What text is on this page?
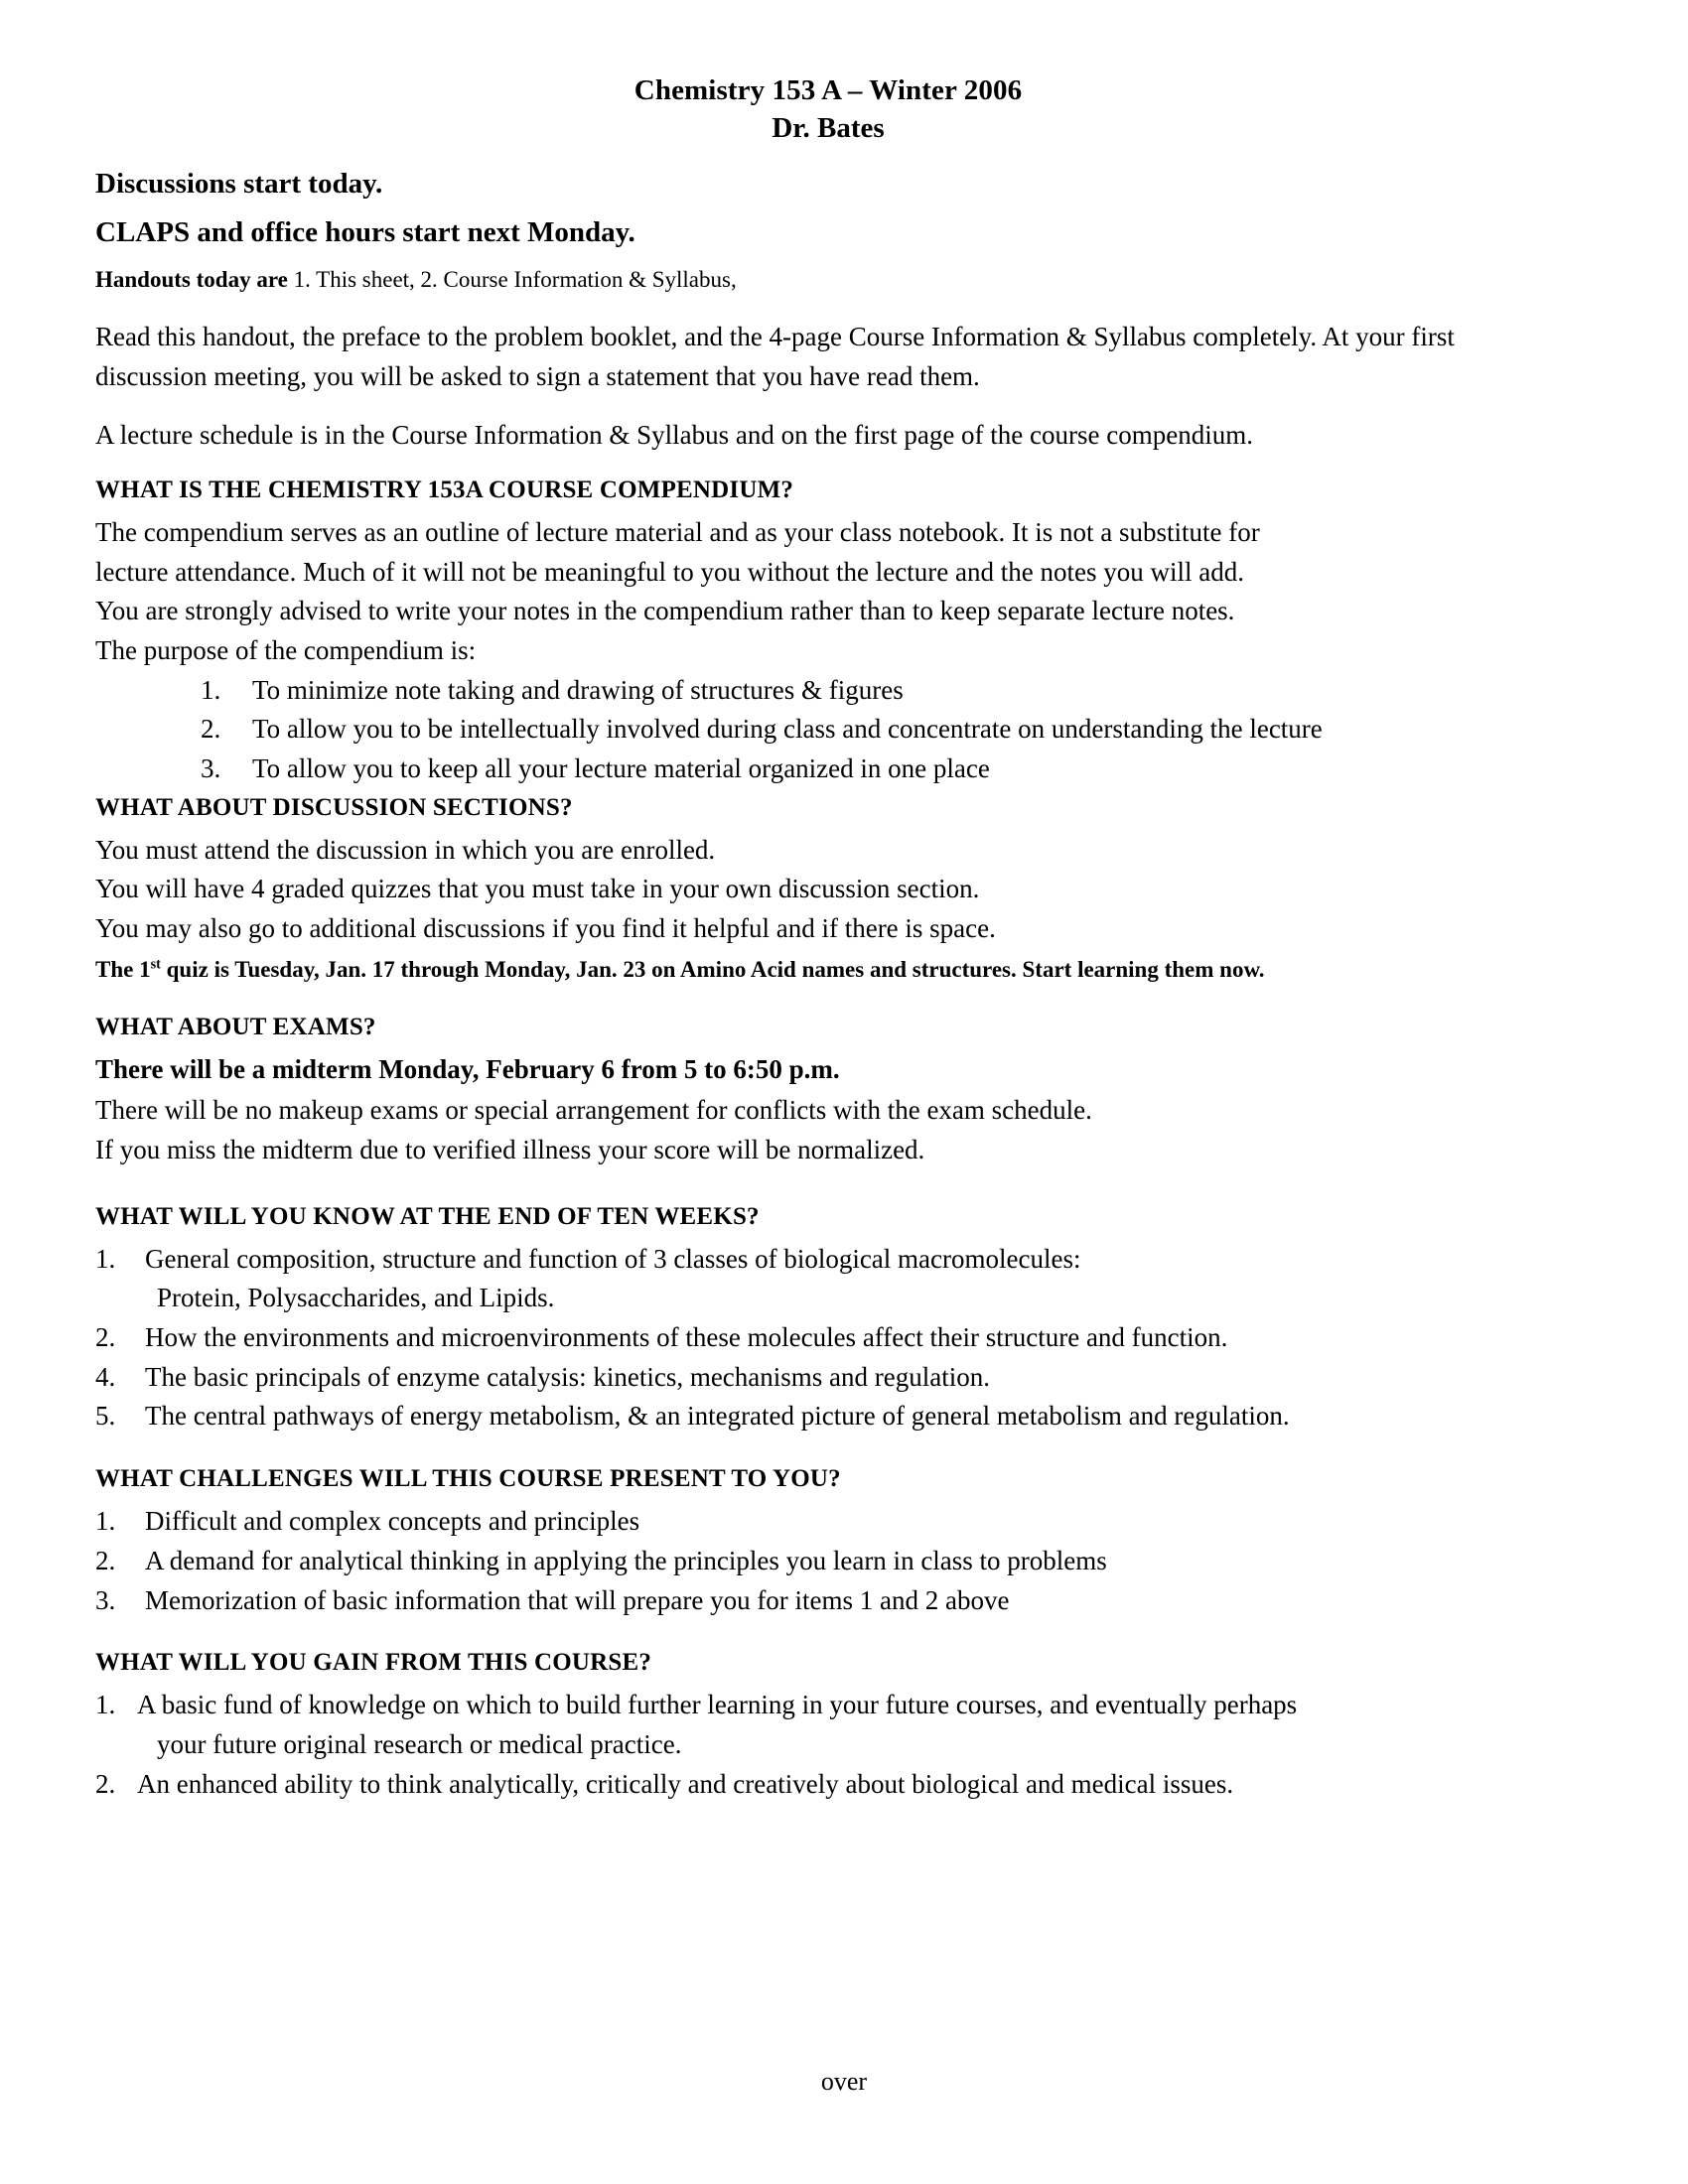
Chemistry 153 A – Winter 2006
Dr. Bates
Discussions start today.
CLAPS and office hours start next Monday.
Handouts today are 1. This sheet, 2. Course Information & Syllabus,

Read this handout, the preface to the problem booklet, and the 4-page Course Information & Syllabus completely. At your first discussion meeting, you will be asked to sign a statement that you have read them.

A lecture schedule is in the Course Information & Syllabus and on the first page of the course compendium.

WHAT IS THE CHEMISTRY 153A COURSE COMPENDIUM?
The compendium serves as an outline of lecture material and as your class notebook. It is not a substitute for
lecture attendance. Much of it will not be meaningful to you without the lecture and the notes you will add.
You are strongly advised to write your notes in the compendium rather than to keep separate lecture notes.
The purpose of the compendium is:
1. To minimize note taking and drawing of structures & figures
2. To allow you to be intellectually involved during class and concentrate on understanding the lecture
3. To allow you to keep all your lecture material organized in one place
WHAT ABOUT DISCUSSION SECTIONS?
You must attend the discussion in which you are enrolled.
You will have 4 graded quizzes that you must take in your own discussion section.
You may also go to additional discussions if you find it helpful and if there is space.
The 1st quiz is Tuesday, Jan. 17 through Monday, Jan. 23 on Amino Acid names and structures. Start learning them now.
WHAT ABOUT EXAMS?
There will be a midterm Monday, February 6 from 5 to 6:50 p.m.
There will be no makeup exams or special arrangement for conflicts with the exam schedule.
If you miss the midterm due to verified illness your score will be normalized.
WHAT WILL YOU KNOW AT THE END OF TEN WEEKS?
1. General composition, structure and function of 3 classes of biological macromolecules:
Protein, Polysaccharides, and Lipids.
2. How the environments and microenvironments of these molecules affect their structure and function.
4. The basic principals of enzyme catalysis: kinetics, mechanisms and regulation.
5. The central pathways of energy metabolism, & an integrated picture of general metabolism and regulation.
WHAT CHALLENGES WILL THIS COURSE PRESENT TO YOU?
1. Difficult and complex concepts and principles
2. A demand for analytical thinking in applying the principles you learn in class to problems
3. Memorization of basic information that will prepare you for items 1 and 2 above
WHAT WILL YOU GAIN FROM THIS COURSE?
1. A basic fund of knowledge on which to build further learning in your future courses, and eventually perhaps
your future original research or medical practice.
2. An enhanced ability to think analytically, critically and creatively about biological and medical issues.
over
